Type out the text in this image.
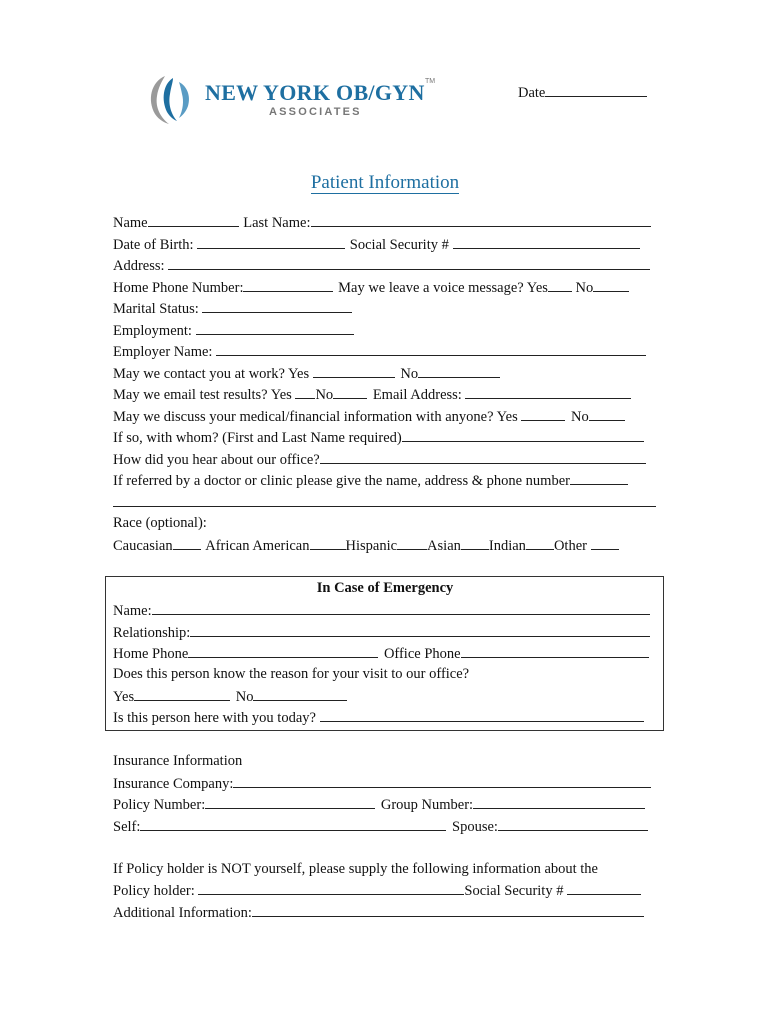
NEW YORK OB/GYN TM
ASSOCIATES
Date
Patient Information
Name	Last Name:
Date of Birth:	Social Security #
Address:
Home Phone Number:	May we leave a voice message? Yes No
Marital Status:
Employment:
Employer Name:
May we contact you at work? Yes	No
May we email test results? Yes No	Email Address:
May we discuss your medical/financial information with anyone? Yes	No
If so, with whom? (First and Last Name required)
How did you hear about our office?
If referred by a doctor or clinic please give the name, address & phone number
Race (optional):
Caucasian African American Hispanic Asian Indian Other
In Case of Emergency
Name:
Relationship:
Home Phone	Office Phone
Does this person know the reason for your visit to our office?
Yes	No
Is this person here with you today?
Insurance Information
Insurance Company:
Policy Number:	Group Number:
Self:	Spouse:
If Policy holder is NOT yourself, please supply the following information about the
Policy holder:	Social Security #
Additional Information:
